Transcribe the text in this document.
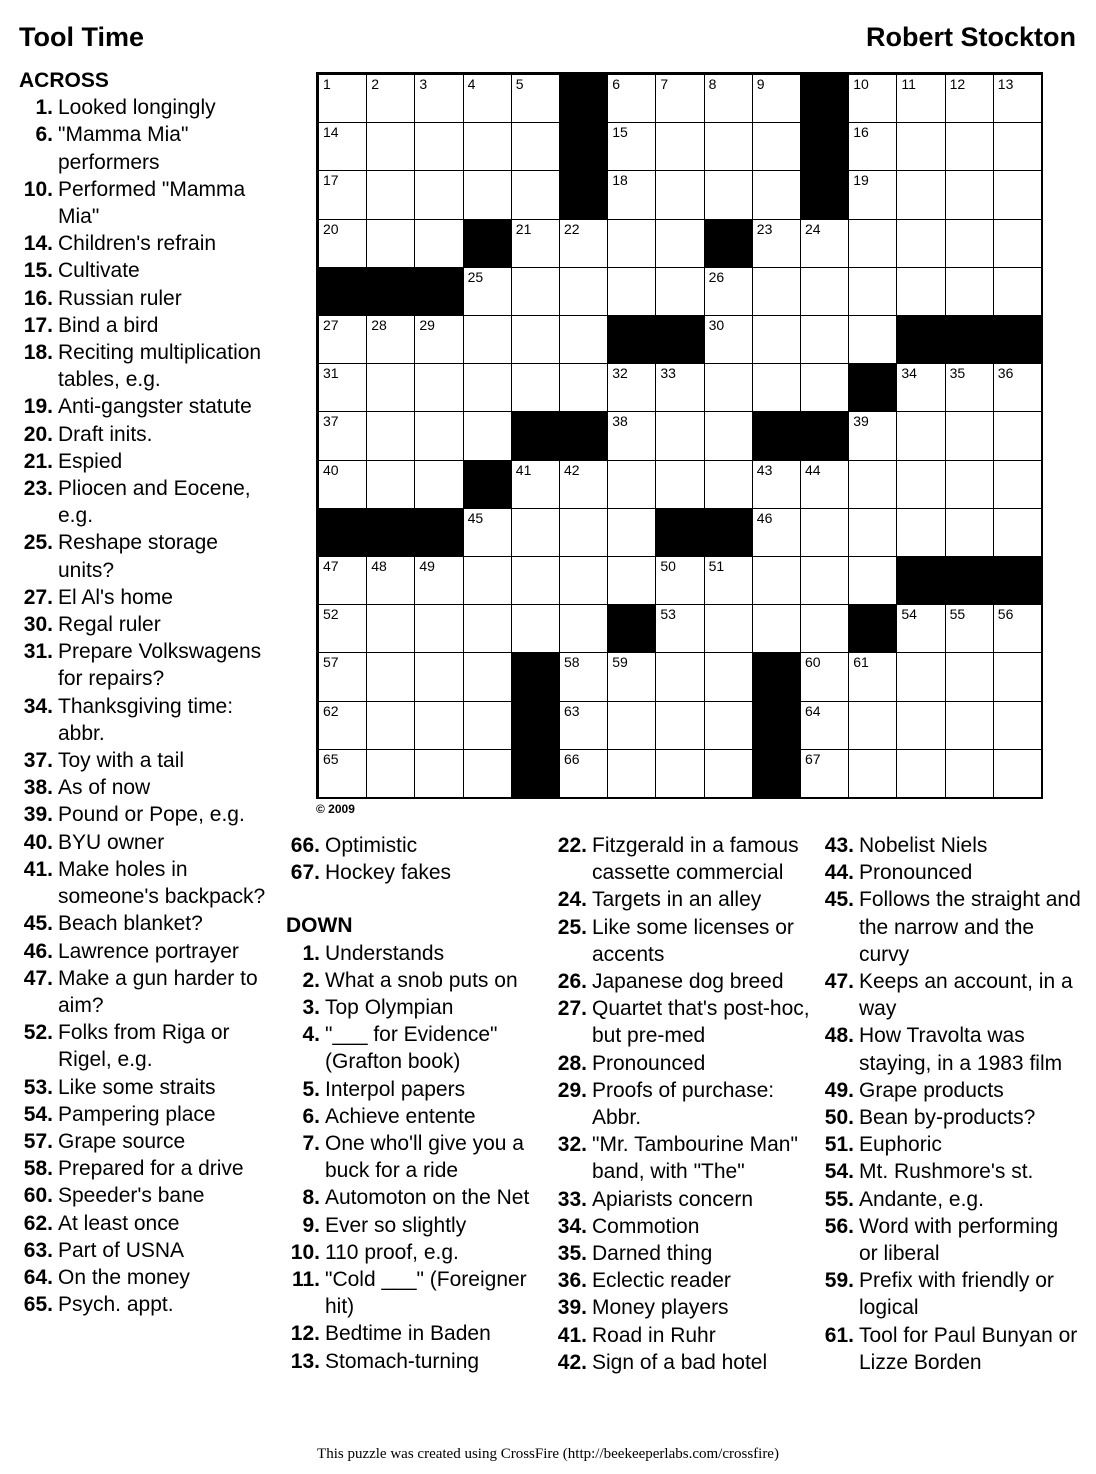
Tool Time	Robert Stockton
1	2	3	4	5	6	7	8	9	10 11 12 13
14	15	16
17	18	19
20	21 22	23 24
25	26
27 28 29	30
31	32 33	34 35 36
37	38	39
40	41 42	43 44
45	46
47 48 49	50 51
52	53	54 55 56
57	58 59	60 61
62	63	64
65	66	67
© 2009
ACROSS
1. Looked longingly
6. "Mamma Mia" performers
10. Performed "Mamma Mia"
14. Children's refrain
15. Cultivate
16. Russian ruler
17. Bind a bird
18. Reciting multiplication tables, e.g.
19. Anti-gangster statute
20. Draft inits.
21. Espied
23. Pliocen and Eocene, e.g.
25. Reshape storage units?
27. El Al's home
30. Regal ruler
31. Prepare Volkswagens for repairs?
34. Thanksgiving time: abbr.
37. Toy with a tail
38. As of now
39. Pound or Pope, e.g.
40. BYU owner
41. Make holes in someone's backpack?
45. Beach blanket?
46. Lawrence portrayer
47. Make a gun harder to aim?
52. Folks from Riga or Rigel, e.g.
53. Like some straits
54. Pampering place
57. Grape source
58. Prepared for a drive
60. Speeder's bane
62. At least once
63. Part of USNA
64. On the money
65. Psych. appt.
66. Optimistic
67. Hockey fakes
DOWN
1. Understands
2. What a snob puts on
3. Top Olympian
4. "___ for Evidence" (Grafton book)
5. Interpol papers
6. Achieve entente
7. One who'll give you a buck for a ride
8. Automoton on the Net
9. Ever so slightly
10. 110 proof, e.g.
11. "Cold ___" (Foreigner hit)
12. Bedtime in Baden
13. Stomach-turning
22. Fitzgerald in a famous cassette commercial
24. Targets in an alley
25. Like some licenses or accents
26. Japanese dog breed
27. Quartet that's post-hoc, but pre-med
28. Pronounced
29. Proofs of purchase: Abbr.
32. "Mr. Tambourine Man" band, with "The"
33. Apiarists concern
34. Commotion
35. Darned thing
36. Eclectic reader
39. Money players
41. Road in Ruhr
42. Sign of a bad hotel
43. Nobelist Niels
44. Pronounced
45. Follows the straight and the narrow and the curvy
47. Keeps an account, in a way
48. How Travolta was staying, in a 1983 film
49. Grape products
50. Bean by-products?
51. Euphoric
54. Mt. Rushmore's st.
55. Andante, e.g.
56. Word with performing or liberal
59. Prefix with friendly or logical
61. Tool for Paul Bunyan or Lizze Borden
This puzzle was created using CrossFire (http://beekeeperlabs.com/crossfire)
